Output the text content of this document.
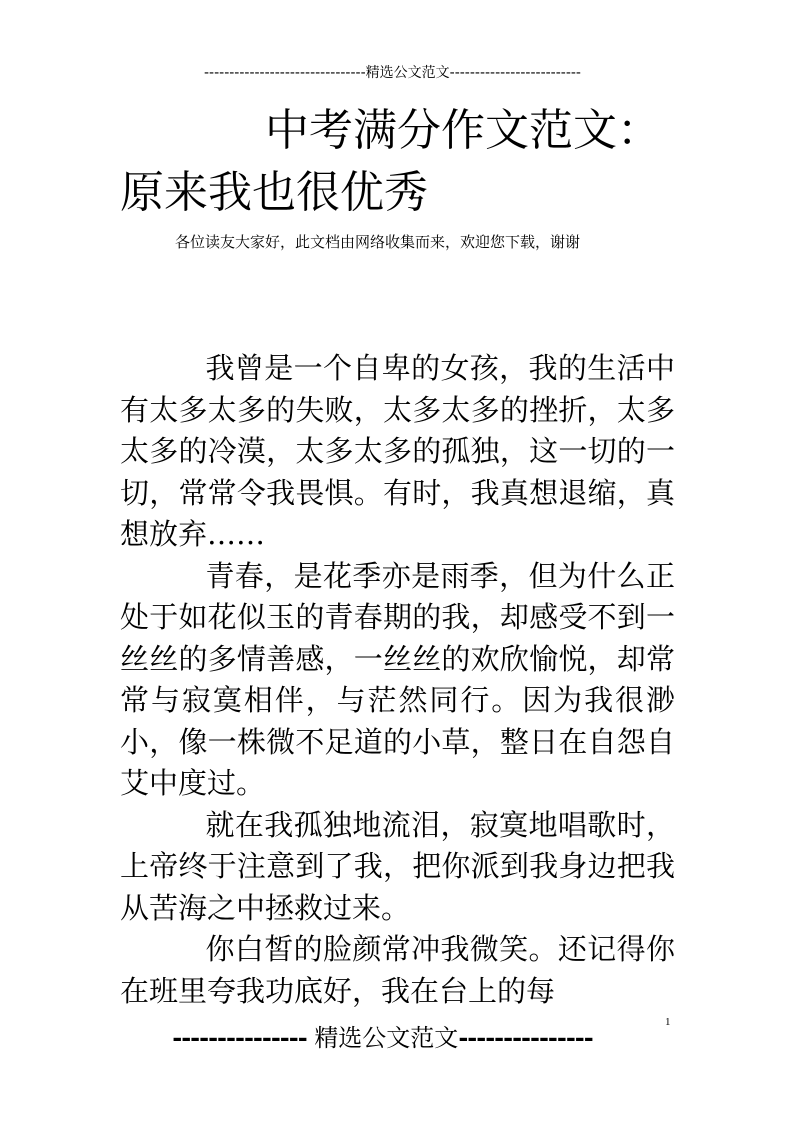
--------------------------------精选公文范文--------------------------
中考满分作文范文：
原来我也很优秀
各位读友大家好，此文档由网络收集而来，欢迎您下载，谢谢

我曾是一个自卑的女孩，我的生活中有太多太多的失败，太多太多的挫折，太多太多的冷漠，太多太多的孤独，这一切的一切，常常令我畏惧。有时，我真想退缩，真想放弃……

青春，是花季亦是雨季，但为什么正处于如花似玉的青春期的我，却感受不到一丝丝的多情善感，一丝丝的欢欣愉悦，却常常与寂寞相伴，与茫然同行。因为我很渺小，像一株微不足道的小草，整日在自怨自艾中度过。

就在我孤独地流泪，寂寞地唱歌时，上帝终于注意到了我，把你派到我身边把我从苦海之中拯救过来。

你白皙的脸颜常冲我微笑。还记得你在班里夸我功底好，我在台上的每

1
--------------- 精选公文范文---------------
